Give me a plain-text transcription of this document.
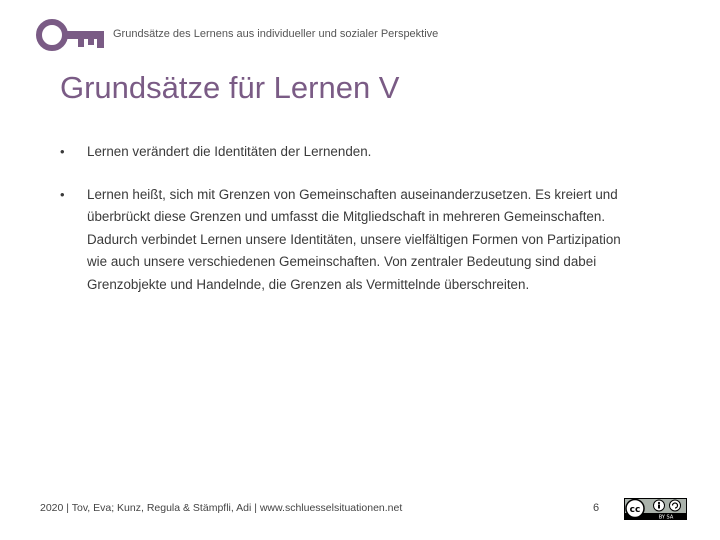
Grundsätze des Lernens aus individueller und sozialer Perspektive
Grundsätze für Lernen V
•	Lernen verändert die Identitäten der Lernenden.
•	Lernen heißt, sich mit Grenzen von Gemeinschaften auseinanderzusetzen. Es kreiert und überbrückt diese Grenzen und umfasst die Mitgliedschaft in mehreren Gemeinschaften. Dadurch verbindet Lernen unsere Identitäten, unsere vielfältigen Formen von Partizipation wie auch unsere verschiedenen Gemeinschaften. Von zentraler Bedeutung sind dabei Grenzobjekte und Handelnde, die Grenzen als Vermittelnde überschreiten.
2020 | Tov, Eva; Kunz, Regula & Stämpfli, Adi | www.schluesselsituationen.net	6	cc
BY SA
